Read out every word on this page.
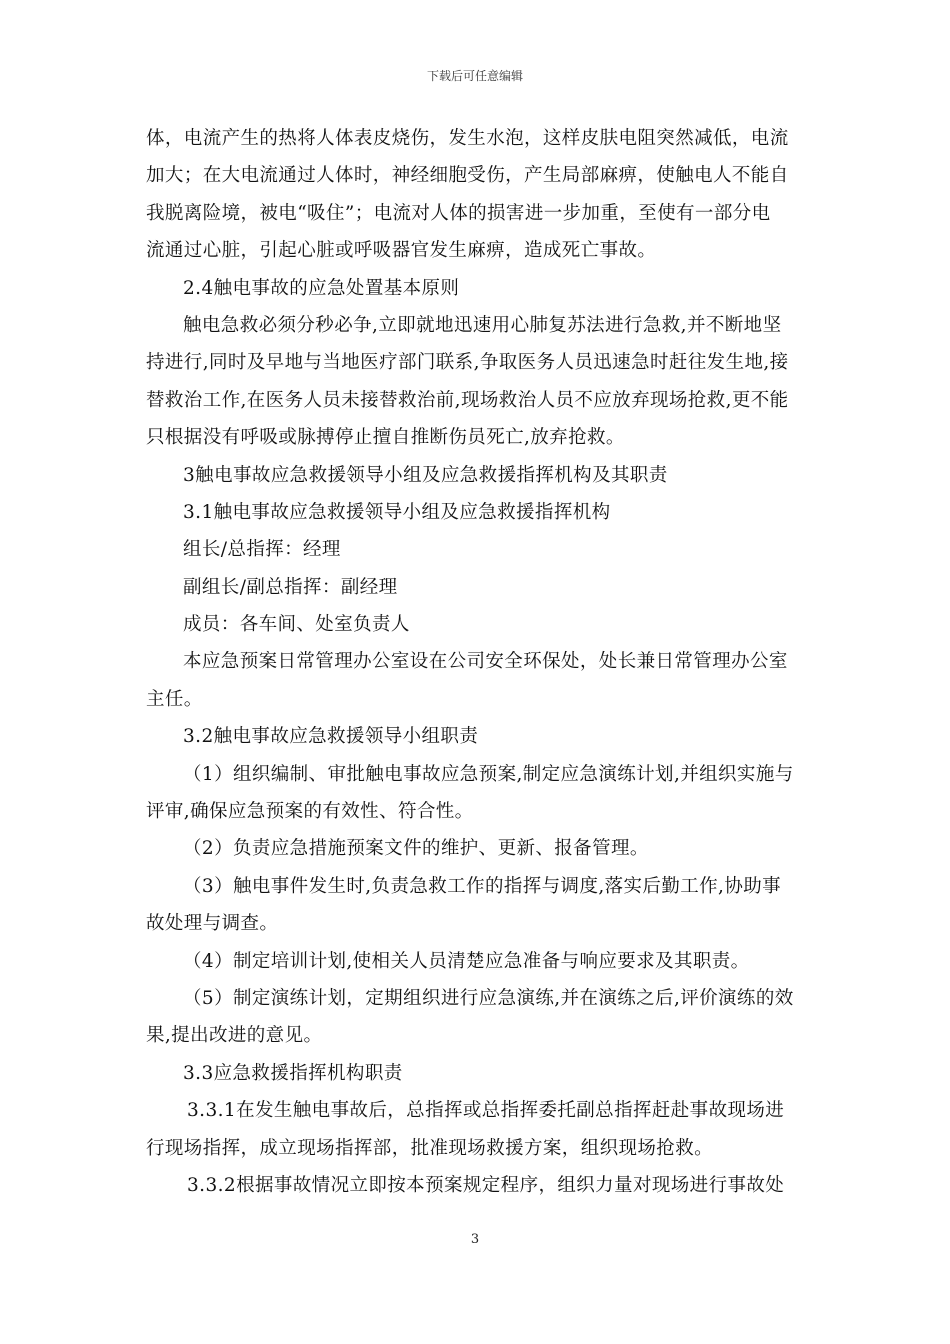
下载后可任意编辑
体，电流产生的热将人体表皮烧伤，发生水泡，这样皮肤电阻突然减低，电流
加大；在大电流通过人体时，神经细胞受伤，产生局部麻痹，使触电人不能自
我脱离险境，被电“吸住”；电流对人体的损害进一步加重，至使有一部分电
流通过心脏，引起心脏或呼吸器官发生麻痹，造成死亡事故。
2.4触电事故的应急处置基本原则
触电急救必须分秒必争,立即就地迅速用心肺复苏法进行急救,并不断地坚
持进行,同时及早地与当地医疗部门联系,争取医务人员迅速急时赶往发生地,接
替救治工作,在医务人员未接替救治前,现场救治人员不应放弃现场抢救,更不能
只根据没有呼吸或脉搏停止擅自推断伤员死亡,放弃抢救。
3触电事故应急救援领导小组及应急救援指挥机构及其职责
3.1触电事故应急救援领导小组及应急救援指挥机构
组长/总指挥：经理
副组长/副总指挥：副经理
成员：各车间、处室负责人
本应急预案日常管理办公室设在公司安全环保处，处长兼日常管理办公室
主任。
3.2触电事故应急救援领导小组职责
（1）组织编制、审批触电事故应急预案,制定应急演练计划,并组织实施与
评审,确保应急预案的有效性、符合性。
（2）负责应急措施预案文件的维护、更新、报备管理。
（3）触电事件发生时,负责急救工作的指挥与调度,落实后勤工作,协助事
故处理与调查。
（4）制定培训计划,使相关人员清楚应急准备与响应要求及其职责。
（5）制定演练计划，定期组织进行应急演练,并在演练之后,评价演练的效
果,提出改进的意见。
3.3应急救援指挥机构职责
3.3.1在发生触电事故后，总指挥或总指挥委托副总指挥赶赴事故现场进
行现场指挥，成立现场指挥部，批准现场救援方案，组织现场抢救。
3.3.2根据事故情况立即按本预案规定程序，组织力量对现场进行事故处
3
